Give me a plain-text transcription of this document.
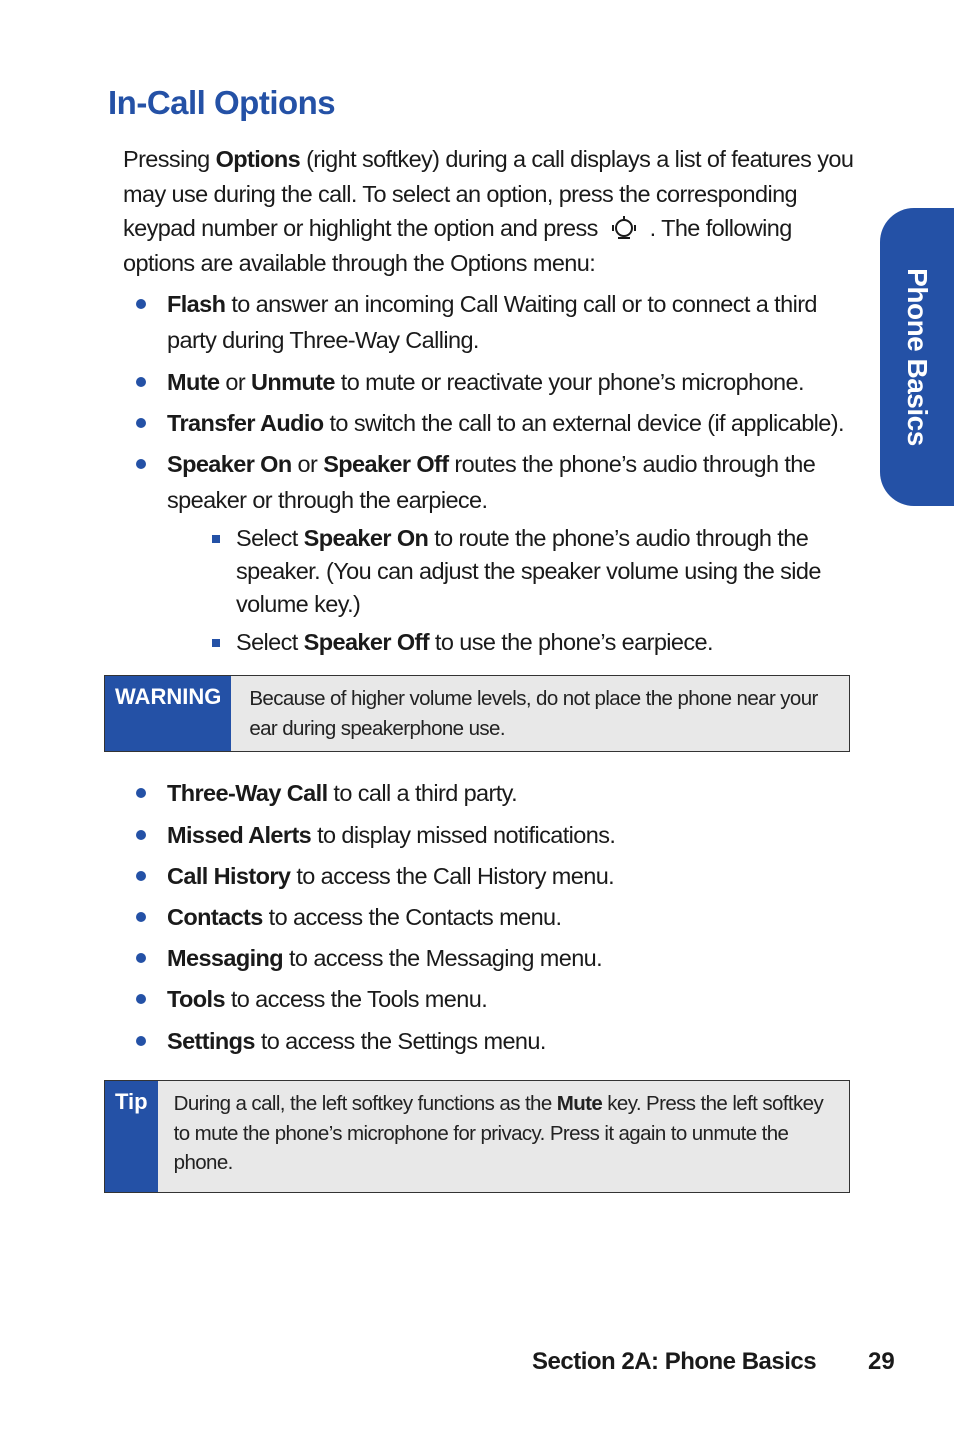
In-Call Options

Pressing Options (right softkey) during a call displays a list of features you may use during the call. To select an option, press the corresponding keypad number or highlight the option and press  . The following options are available through the Options menu:

Flash to answer an incoming Call Waiting call or to connect a third party during Three-Way Calling.
Mute or Unmute to mute or reactivate your phone’s microphone.
Transfer Audio to switch the call to an external device (if applicable).
Speaker On or Speaker Off routes the phone’s audio through the speaker or through the earpiece.
Select Speaker On to route the phone’s audio through the speaker. (You can adjust the speaker volume using the side volume key.)
Select Speaker Off to use the phone’s earpiece.
WARNING	Because of higher volume levels, do not place the phone near your ear during speakerphone use.
Three-Way Call to call a third party.
Missed Alerts to display missed notifications.
Call History to access the Call History menu.
Contacts to access the Contacts menu.
Messaging to access the Messaging menu.
Tools to access the Tools menu.
Settings to access the Settings menu.
Tip	During a call, the left softkey functions as the Mute key. Press the left softkey to mute the phone’s microphone for privacy. Press it again to unmute the phone.
Phone Basics
Section 2A: Phone Basics 29
